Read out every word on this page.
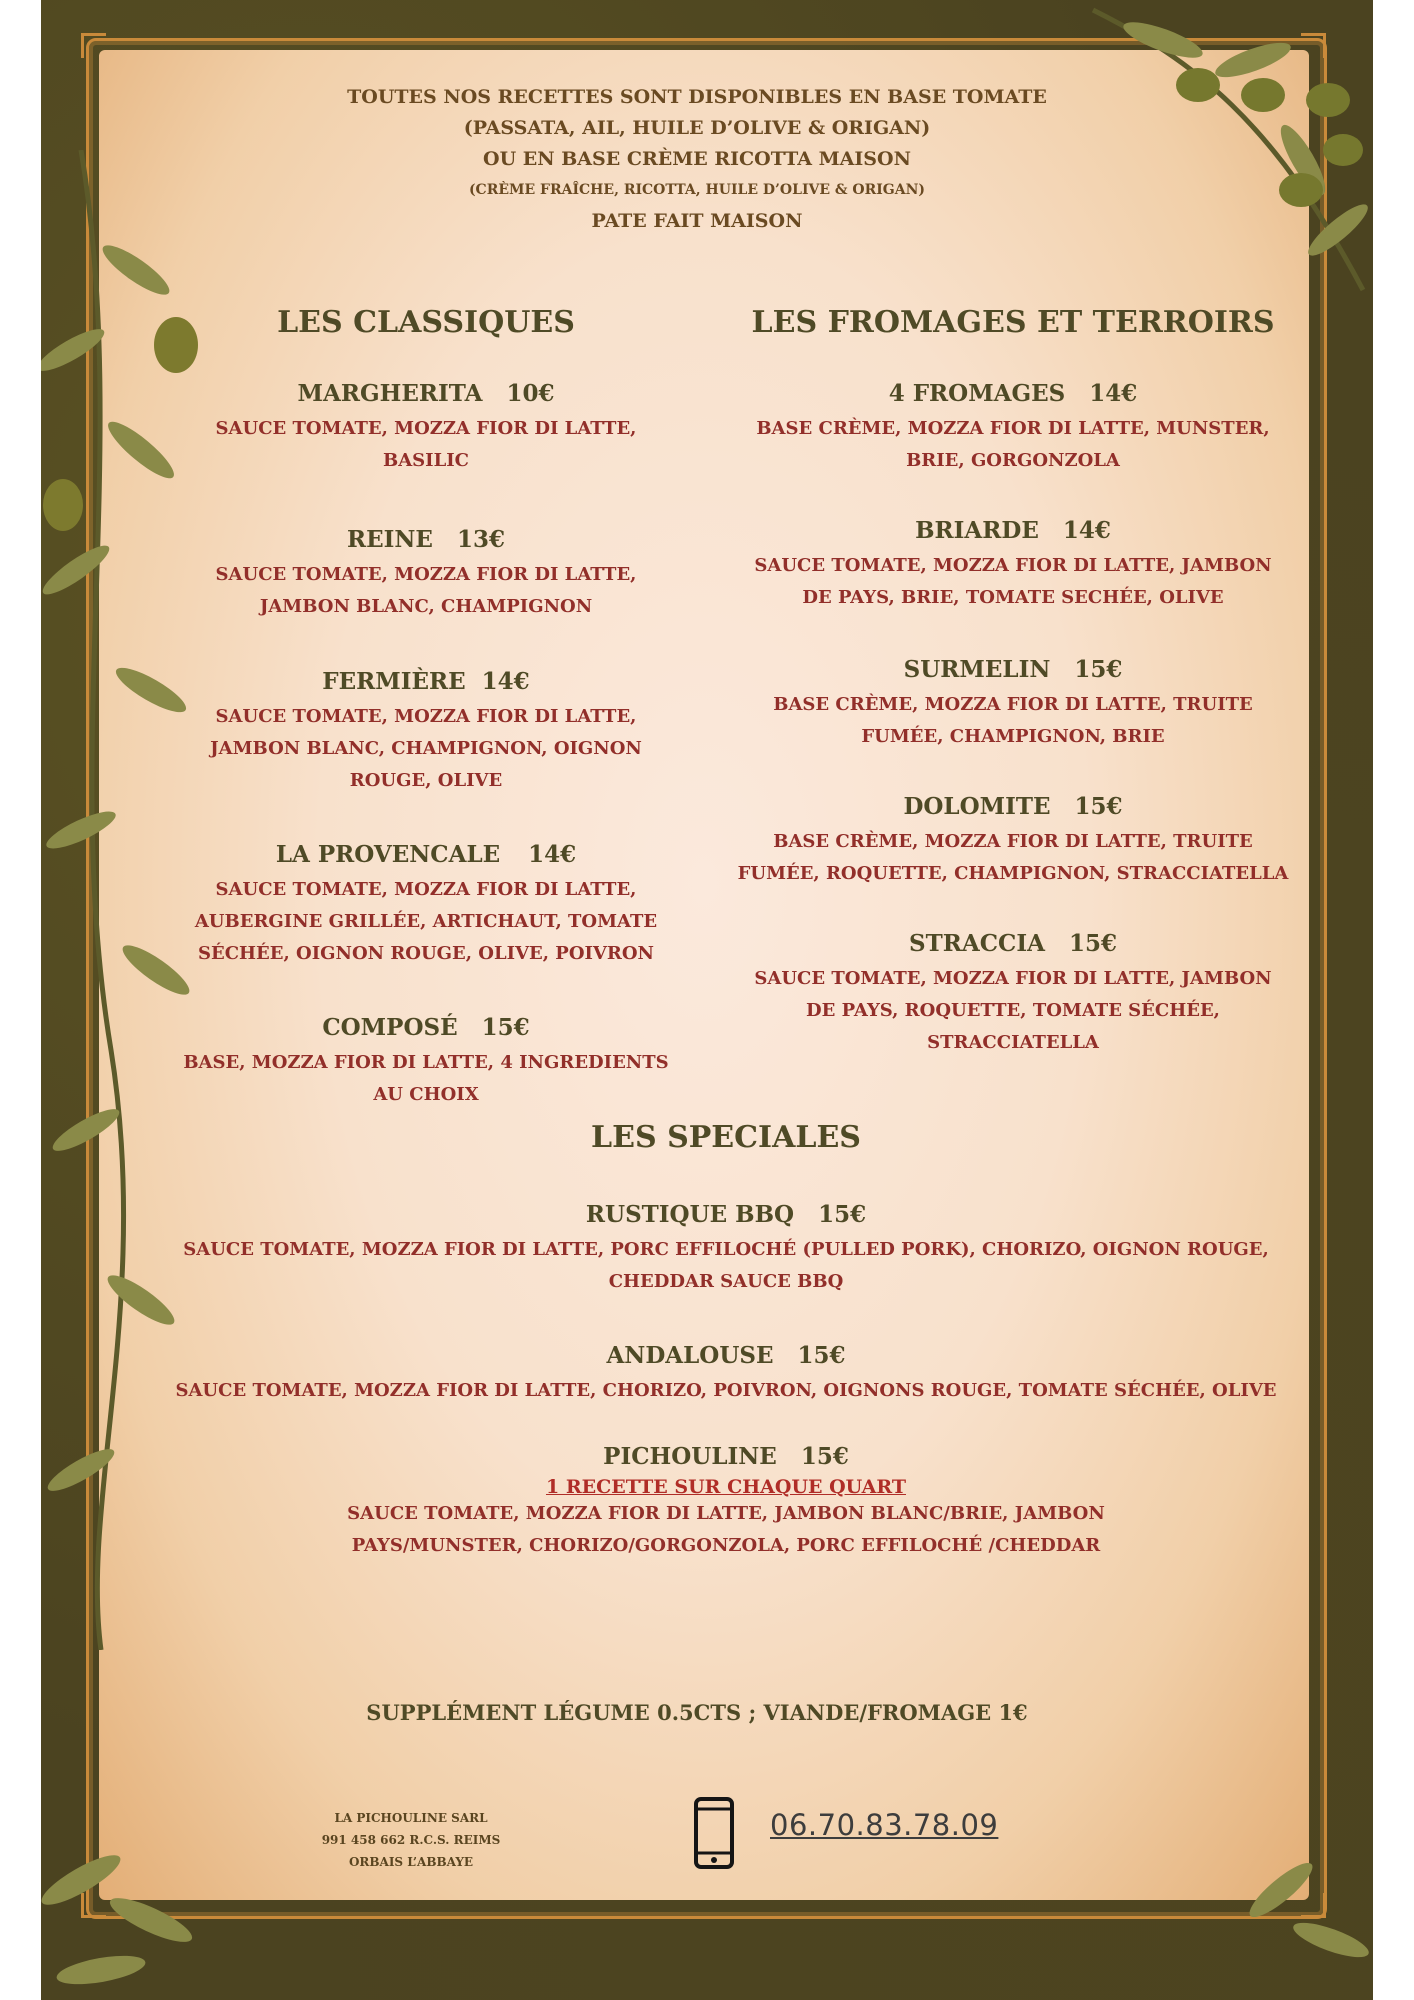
TOUTES NOS RECETTES SONT DISPONIBLES EN BASE TOMATE
(PASSATA, AIL, HUILE D’OLIVE & ORIGAN)
OU EN BASE CRÈME RICOTTA MAISON
(CRÈME FRAÎCHE, RICOTTA, HUILE D’OLIVE & ORIGAN)
PATE FAIT MAISON
LES CLASSIQUES

MARGHERITA 10€

SAUCE TOMATE, MOZZA FIOR DI LATTE, BASILIC

REINE 13€

SAUCE TOMATE, MOZZA FIOR DI LATTE, JAMBON BLANC, CHAMPIGNON

FERMIÈRE 14€

SAUCE TOMATE, MOZZA FIOR DI LATTE, JAMBON BLANC, CHAMPIGNON, OIGNON ROUGE, OLIVE

LA PROVENCALE 14€

SAUCE TOMATE, MOZZA FIOR DI LATTE, AUBERGINE GRILLÉE, ARTICHAUT, TOMATE SÉCHÉE, OIGNON ROUGE, OLIVE, POIVRON

COMPOSÉ 15€

BASE, MOZZA FIOR DI LATTE, 4 INGREDIENTS AU CHOIX

LES FROMAGES ET TERROIRS

4 FROMAGES 14€

BASE CRÈME, MOZZA FIOR DI LATTE, MUNSTER, BRIE, GORGONZOLA

BRIARDE 14€

SAUCE TOMATE, MOZZA FIOR DI LATTE, JAMBON DE PAYS, BRIE, TOMATE SECHÉE, OLIVE

SURMELIN 15€

BASE CRÈME, MOZZA FIOR DI LATTE, TRUITE FUMÉE, CHAMPIGNON, BRIE

DOLOMITE 15€

BASE CRÈME, MOZZA FIOR DI LATTE, TRUITE FUMÉE, ROQUETTE, CHAMPIGNON, STRACCIATELLA

STRACCIA 15€

SAUCE TOMATE, MOZZA FIOR DI LATTE, JAMBON DE PAYS, ROQUETTE, TOMATE SÉCHÉE, STRACCIATELLA

LES SPECIALES

RUSTIQUE BBQ 15€

SAUCE TOMATE, MOZZA FIOR DI LATTE, PORC EFFILOCHÉ (PULLED PORK), CHORIZO, OIGNON ROUGE, CHEDDAR SAUCE BBQ

ANDALOUSE 15€

SAUCE TOMATE, MOZZA FIOR DI LATTE, CHORIZO, POIVRON, OIGNONS ROUGE, TOMATE SÉCHÉE, OLIVE

PICHOULINE 15€

1 RECETTE SUR CHAQUE QUART

SAUCE TOMATE, MOZZA FIOR DI LATTE, JAMBON BLANC/BRIE, JAMBON PAYS/MUNSTER, CHORIZO/GORGONZOLA, PORC EFFILOCHÉ /CHEDDAR

SUPPLÉMENT LÉGUME 0.5CTS ; VIANDE/FROMAGE 1€
LA PICHOULINE SARL
991 458 662 R.C.S. REIMS
ORBAIS L’ABBAYE
06.70.83.78.09
